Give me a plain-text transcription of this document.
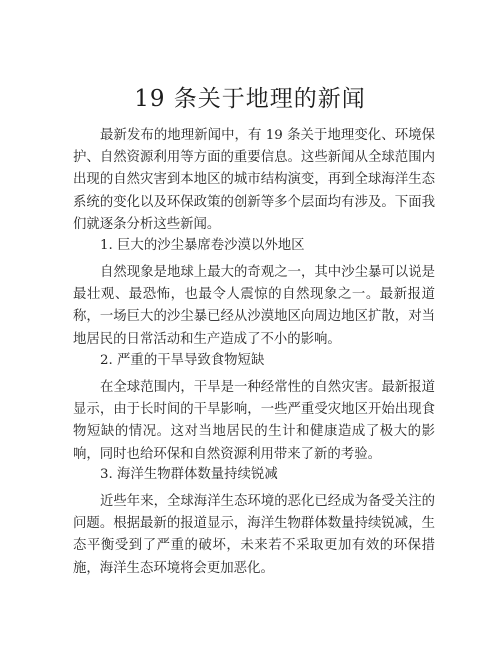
19 条关于地理的新闻

最新发布的地理新闻中，有 19 条关于地理变化、环境保护、自然资源利用等方面的重要信息。这些新闻从全球范围内出现的自然灾害到本地区的城市结构演变，再到全球海洋生态系统的变化以及环保政策的创新等多个层面均有涉及。下面我们就逐条分析这些新闻。

1. 巨大的沙尘暴席卷沙漠以外地区

自然现象是地球上最大的奇观之一，其中沙尘暴可以说是最壮观、最恐怖，也最令人震惊的自然现象之一。最新报道称，一场巨大的沙尘暴已经从沙漠地区向周边地区扩散，对当地居民的日常活动和生产造成了不小的影响。

2. 严重的干旱导致食物短缺

在全球范围内，干旱是一种经常性的自然灾害。最新报道显示，由于长时间的干旱影响，一些严重受灾地区开始出现食物短缺的情况。这对当地居民的生计和健康造成了极大的影响，同时也给环保和自然资源利用带来了新的考验。

3. 海洋生物群体数量持续锐减

近些年来，全球海洋生态环境的恶化已经成为备受关注的问题。根据最新的报道显示，海洋生物群体数量持续锐减，生态平衡受到了严重的破坏，未来若不采取更加有效的环保措施，海洋生态环境将会更加恶化。
